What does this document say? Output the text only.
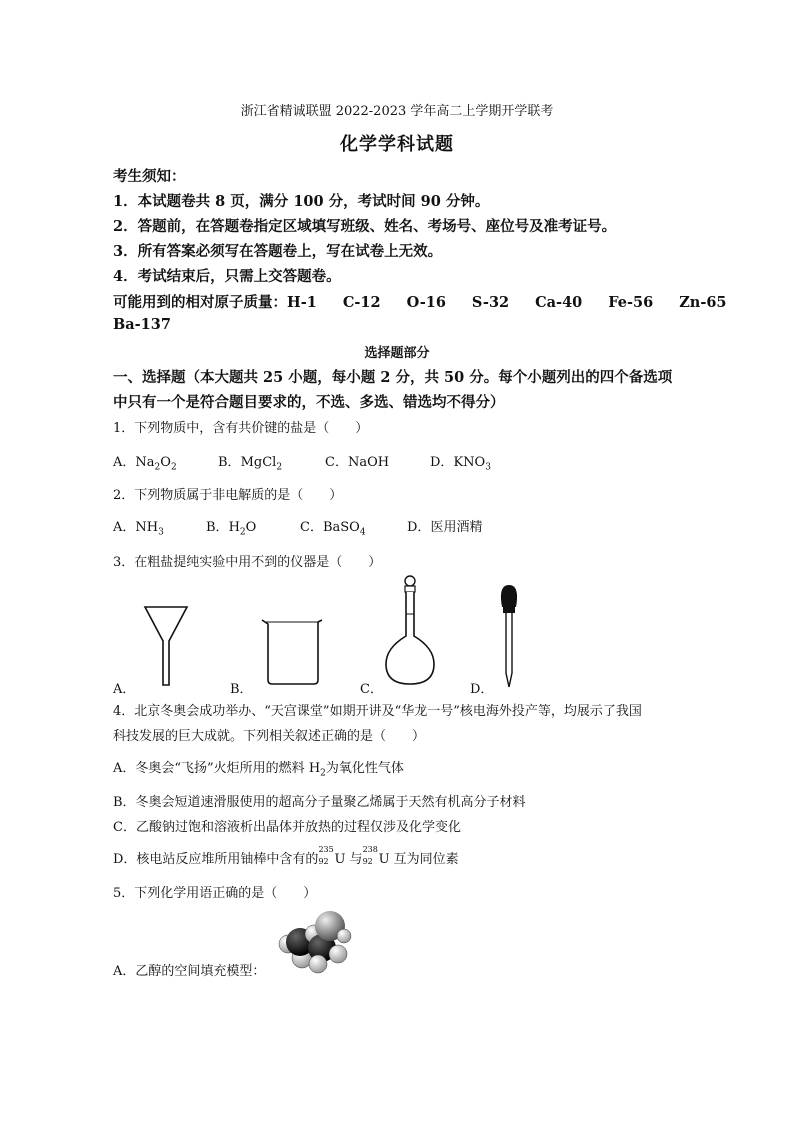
浙江省精诚联盟 2022-2023 学年高二上学期开学联考
化学学科试题
考生须知：
1．本试题卷共 8 页，满分 100 分，考试时间 90 分钟。
2．答题前，在答题卷指定区域填写班级、姓名、考场号、座位号及准考证号。
3．所有答案必须写在答题卷上，写在试卷上无效。
4．考试结束后，只需上交答题卷。
可能用到的相对原子质量：H-1 C-12 O-16 S-32 Ca-40 Fe-56 Zn-65
Ba-137
选择题部分
一、选择题（本大题共 25 小题，每小题 2 分，共 50 分。每个小题列出的四个备选项
中只有一个是符合题目要求的，不选、多选、错选均不得分）
1．下列物质中，含有共价键的盐是（　　）
A．$Na_2O_2$	B．MgCl$_2$	C．NaOH	D．$KNO_3$
2．下列物质属于非电解质的是（　　）
A．$NH_3$	B．$H_2O$	C．BaSO$_4$	D．医用酒精
3．在粗盐提纯实验中用不到的仪器是（　　）
A．	B．	C．	D．
4．北京冬奥会成功举办、“天宫课堂”如期开讲及“华龙一号”核电海外投产等，均展示了我国
科技发展的巨大成就。下列相关叙述正确的是（　　）
A．冬奥会“飞扬”火炬所用的燃料 $H_2$为氧化性气体
B．冬奥会短道速滑服使用的超高分子量聚乙烯属于天然有机高分子材料
C．乙酸钠过饱和溶液析出晶体并放热的过程仅涉及化学变化
D．核电站反应堆所用铀棒中含有的
235
92 U 与
238
92 U 互为同位素
5．下列化学用语正确的是（　　）
A．乙醇的空间填充模型：
